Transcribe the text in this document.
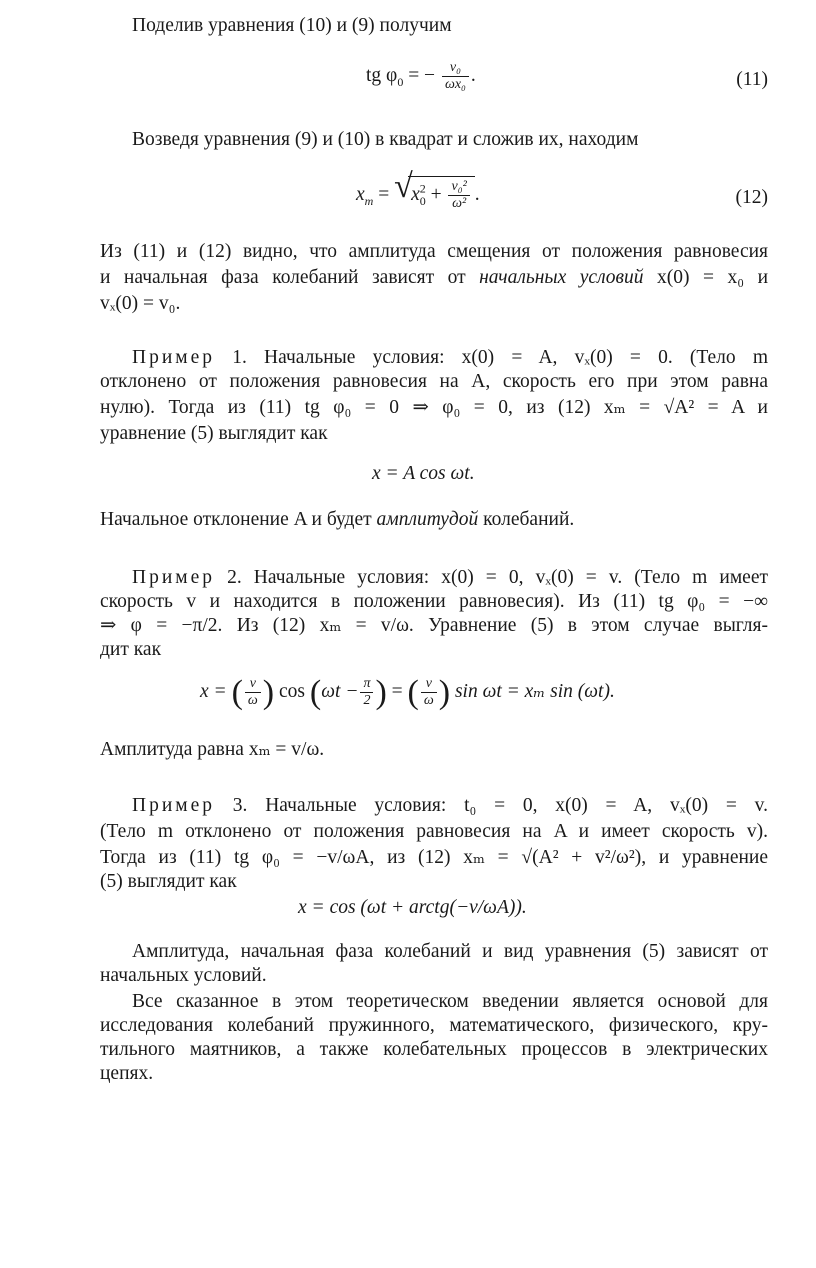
Поделив уравнения (10) и (9) получим
tg $\varphi_0$ = − $\frac{\text{v₀}}{\text{ωx₀}}$ .	(11)
Возведя уравнения (9) и (10) в квадрат и сложив их, находим
$x_m$ = √
$x^2_0 + \frac{\text{v₀²}}{\text{ω²}}$ .	(12)
Из (11) и (12) видно, что амплитуда смещения от положения равновесия
и начальная фаза колебаний зависят от начальных условий x(0) = x₀ и
vₓ(0) = v₀.
Пример 1. Начальные условия: x(0) = A, vₓ(0) = 0. (Тело m
отклонено от положения равновесия на A, скорость его при этом равна
нулю). Тогда из (11) tg φ₀ = 0 ⇒ φ₀ = 0, из (12) xₘ = √A² = A и
уравнение (5) выглядит как
x = A cos ωt.
Начальное отклонение A и будет амплитудой колебаний.
Пример 2. Начальные условия: x(0) = 0, vₓ(0) = v. (Тело m имеет
скорость v и находится в положении равновесия). Из (11) tg φ₀ = −∞
⇒ φ = −π/2. Из (12) xₘ = v/ω. Уравнение (5) в этом случае выгля-
дит как
x = ( $\frac{v}{\omega}$ ) $\cos (\omega t - \frac{\pi}{2}$ ) = ( $\frac{v}{\omega}$ ) sin ωt = xₘ sin (ωt).
Амплитуда равна xₘ = v/ω.
Пример 3. Начальные условия: t₀ = 0, x(0) = A, vₓ(0) = v.
(Тело m отклонено от положения равновесия на A и имеет скорость v).
Тогда из (11) tg φ₀ = −v/ωA, из (12) xₘ = √(A² + v²/ω²), и уравнение
(5) выглядит как
x = cos (ωt + arctg(−v/ωA)).
Амплитуда, начальная фаза колебаний и вид уравнения (5) зависят от
начальных условий.
Все сказанное в этом теоретическом введении является основой для
исследования колебаний пружинного, математического, физического, кру-
тильного маятников, а также колебательных процессов в электрических
цепях.
